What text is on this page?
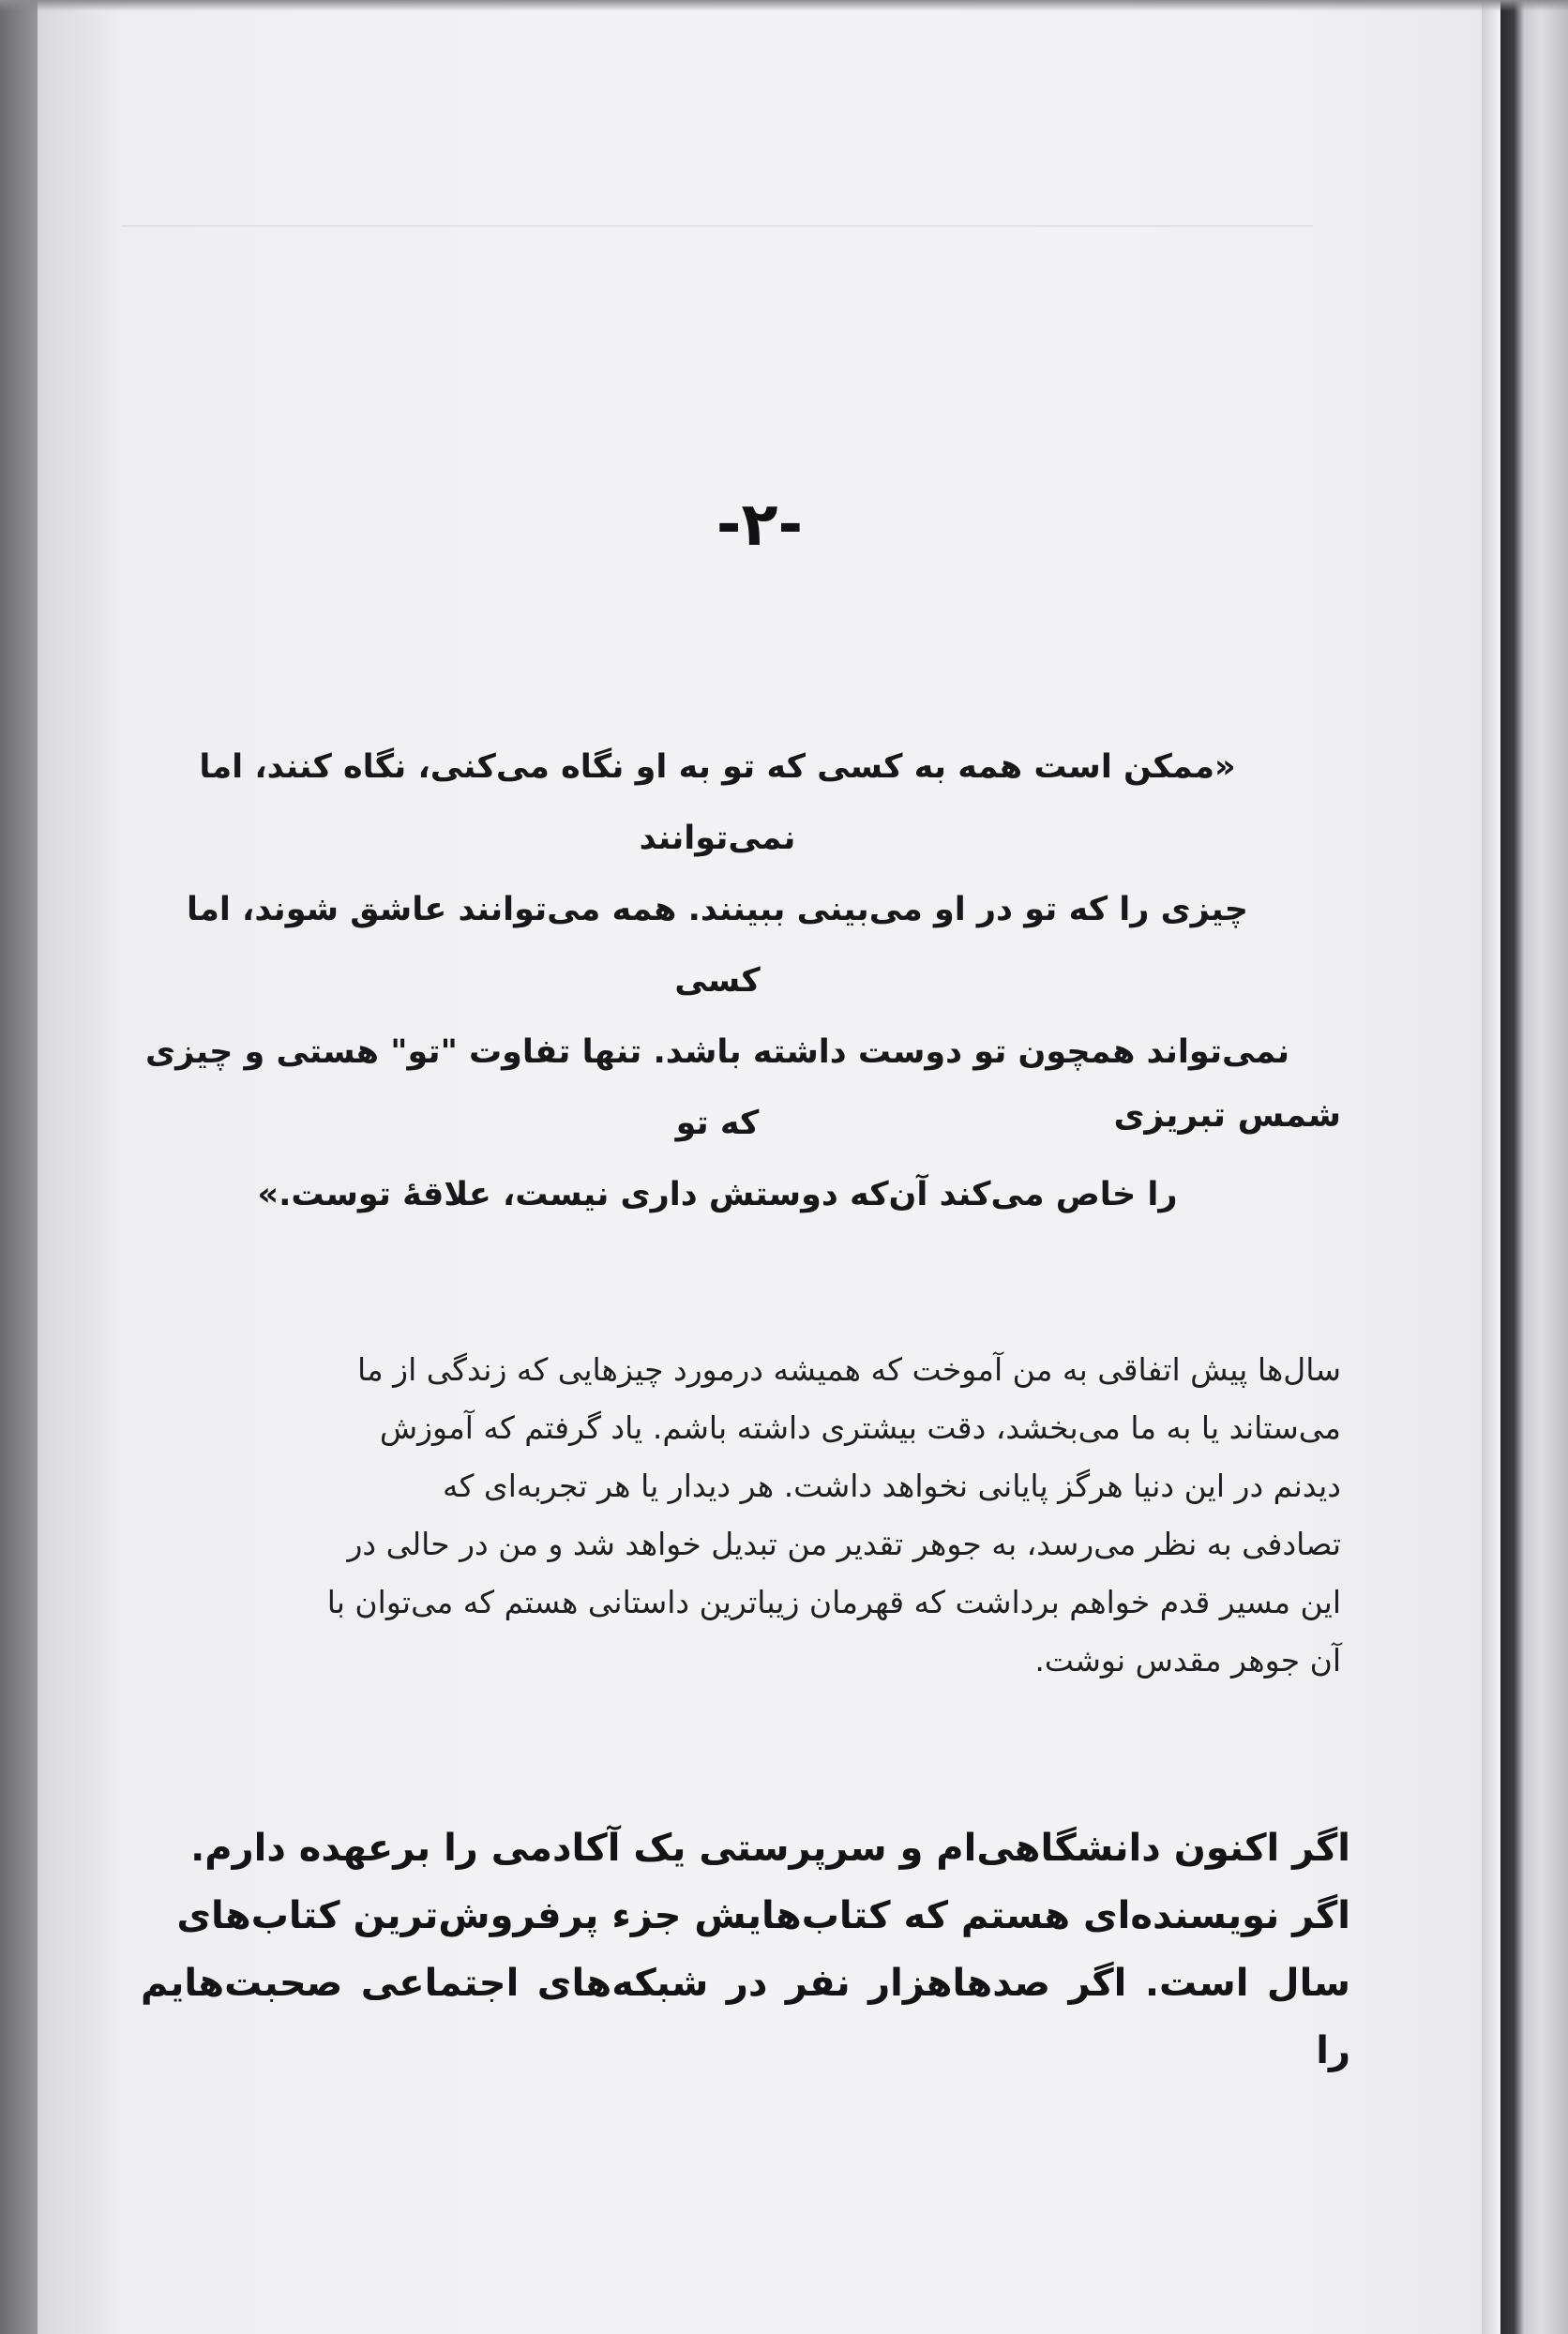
-۲-

«ممکن است همه به کسی که تو به او نگاه می‌کنی، نگاه کنند، اما نمی‌توانند

چیزی را که تو در او می‌بینی ببینند. همه می‌توانند عاشق شوند، اما کسی

نمی‌تواند همچون تو دوست داشته باشد. تنها تفاوت "تو" هستی و چیزی که تو

را خاص می‌کند آن‌که دوستش داری نیست، علاقهٔ توست.»

شمس تبریزی

سال‌ها پیش اتفاقی به من آموخت که همیشه درمورد چیزهایی که زندگی از ما

می‌ستاند یا به ما می‌بخشد، دقت بیشتری داشته باشم. یاد گرفتم که آموزش

دیدنم در این دنیا هرگز پایانی نخواهد داشت. هر دیدار یا هر تجربه‌ای که

تصادفی به نظر می‌رسد، به جوهر تقدیر من تبدیل خواهد شد و من در حالی در

این مسیر قدم خواهم برداشت که قهرمان زیباترین داستانی هستم که می‌توان با

آن جوهر مقدس نوشت.

اگر اکنون دانشگاهی‌ام و سرپرستی یک آکادمی را برعهده دارم.

اگر نویسنده‌ای هستم که کتاب‌هایش جزء پرفروش‌ترین کتاب‌های

سال است. اگر صدهاهزار نفر در شبکه‌های اجتماعی صحبت‌هایم را
